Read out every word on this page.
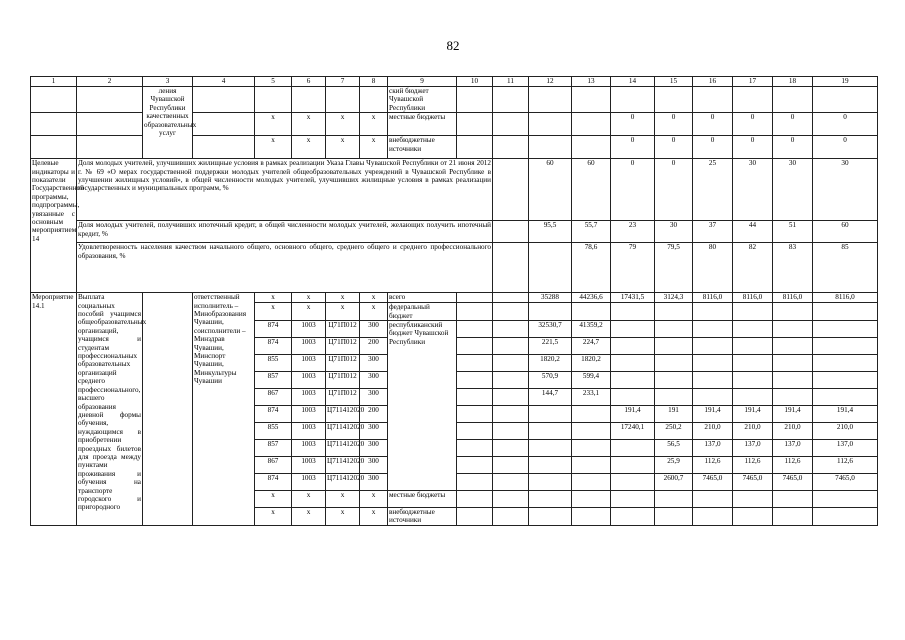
82
1	2	3	4	5	6	7	8	9	10	11	12	13	14	15	16	17	18	19	
		ления Чувашской Республики качественных образовательных услуг						ский бюджет Чувашской Республики											
				х	х	х	х	местные бюджеты					0	0	0	0	0	0	
				х	х	х	х	внебюджетные источники					0	0	0	0	0	0	
Целевые индикаторы и показатели Государственной программы, подпрограммы, увязанные с основным мероприятием 14	Доля молодых учителей, улучшивших жилищные условия в рамках реализации Указа Главы Чувашской Республики от 21 июня 2012 г. № 69 «О мерах государственной поддержки молодых учителей общеобразовательных учреждений в Чувашской Республике в улучшении жилищных условий», в общей численности молодых учителей, улучшивших жилищные условия в рамках реализации государственных и муниципальных программ, %										60	60	0	0	25	30	30	30	
	Доля молодых учителей, получивших ипотечный кредит, в общей численности молодых учителей, желающих получить ипотечный кредит, %										95,5	55,7	23	30	37	44	51	60	
	Удовлетворенность населения качеством начального общего, основного общего, среднего общего и среднего профессионального образования, %											78,6	79	79,5	80	82	83	85	
Мероприятие 14.1	Выплата социальных пособий учащимся общеобразовательных организаций, учащимся и студентам профессиональных образовательных организаций среднего профессионального, высшего образования дневной формы обучения, нуждающимся в приобретении проездных билетов для проезда между пунктами проживания и обучения на транспорте городского и пригородного		ответственный исполнитель – Минобразования Чувашии, соисполнители – Минздрав Чувашии, Минспорт Чувашии, Минкультуры Чувашии	х	х	х	х	всего			35288	44236,6	17431,5	3124,3	8116,0	8116,0	8116,0	8116,0	
				х	х	х	х	федеральный бюджет											
				874	1003	Ц71П012	300	республиканский бюджет Чувашской Республики			32530,7	41359,2							
				874	1003	Ц71П012	200				221,5	224,7							
				855	1003	Ц71П012	300				1820,2	1820,2							
				857	1003	Ц71П012	300				570,9	599,4							
				867	1003	Ц71П012	300				144,7	233,1							
				874	1003	Ц711412020	200						191,4	191	191,4	191,4	191,4	191,4	
				855	1003	Ц711412020	300						17240,1	250,2	210,0	210,0	210,0	210,0	
				857	1003	Ц711412020	300							56,5	137,0	137,0	137,0	137,0	
				867	1003	Ц711412020	300							25,9	112,6	112,6	112,6	112,6	
				874	1003	Ц711412020	300							2600,7	7465,0	7465,0	7465,0	7465,0	
				х	х	х	х	местные бюджеты											
				х	х	х	х	внебюджетные источники											
